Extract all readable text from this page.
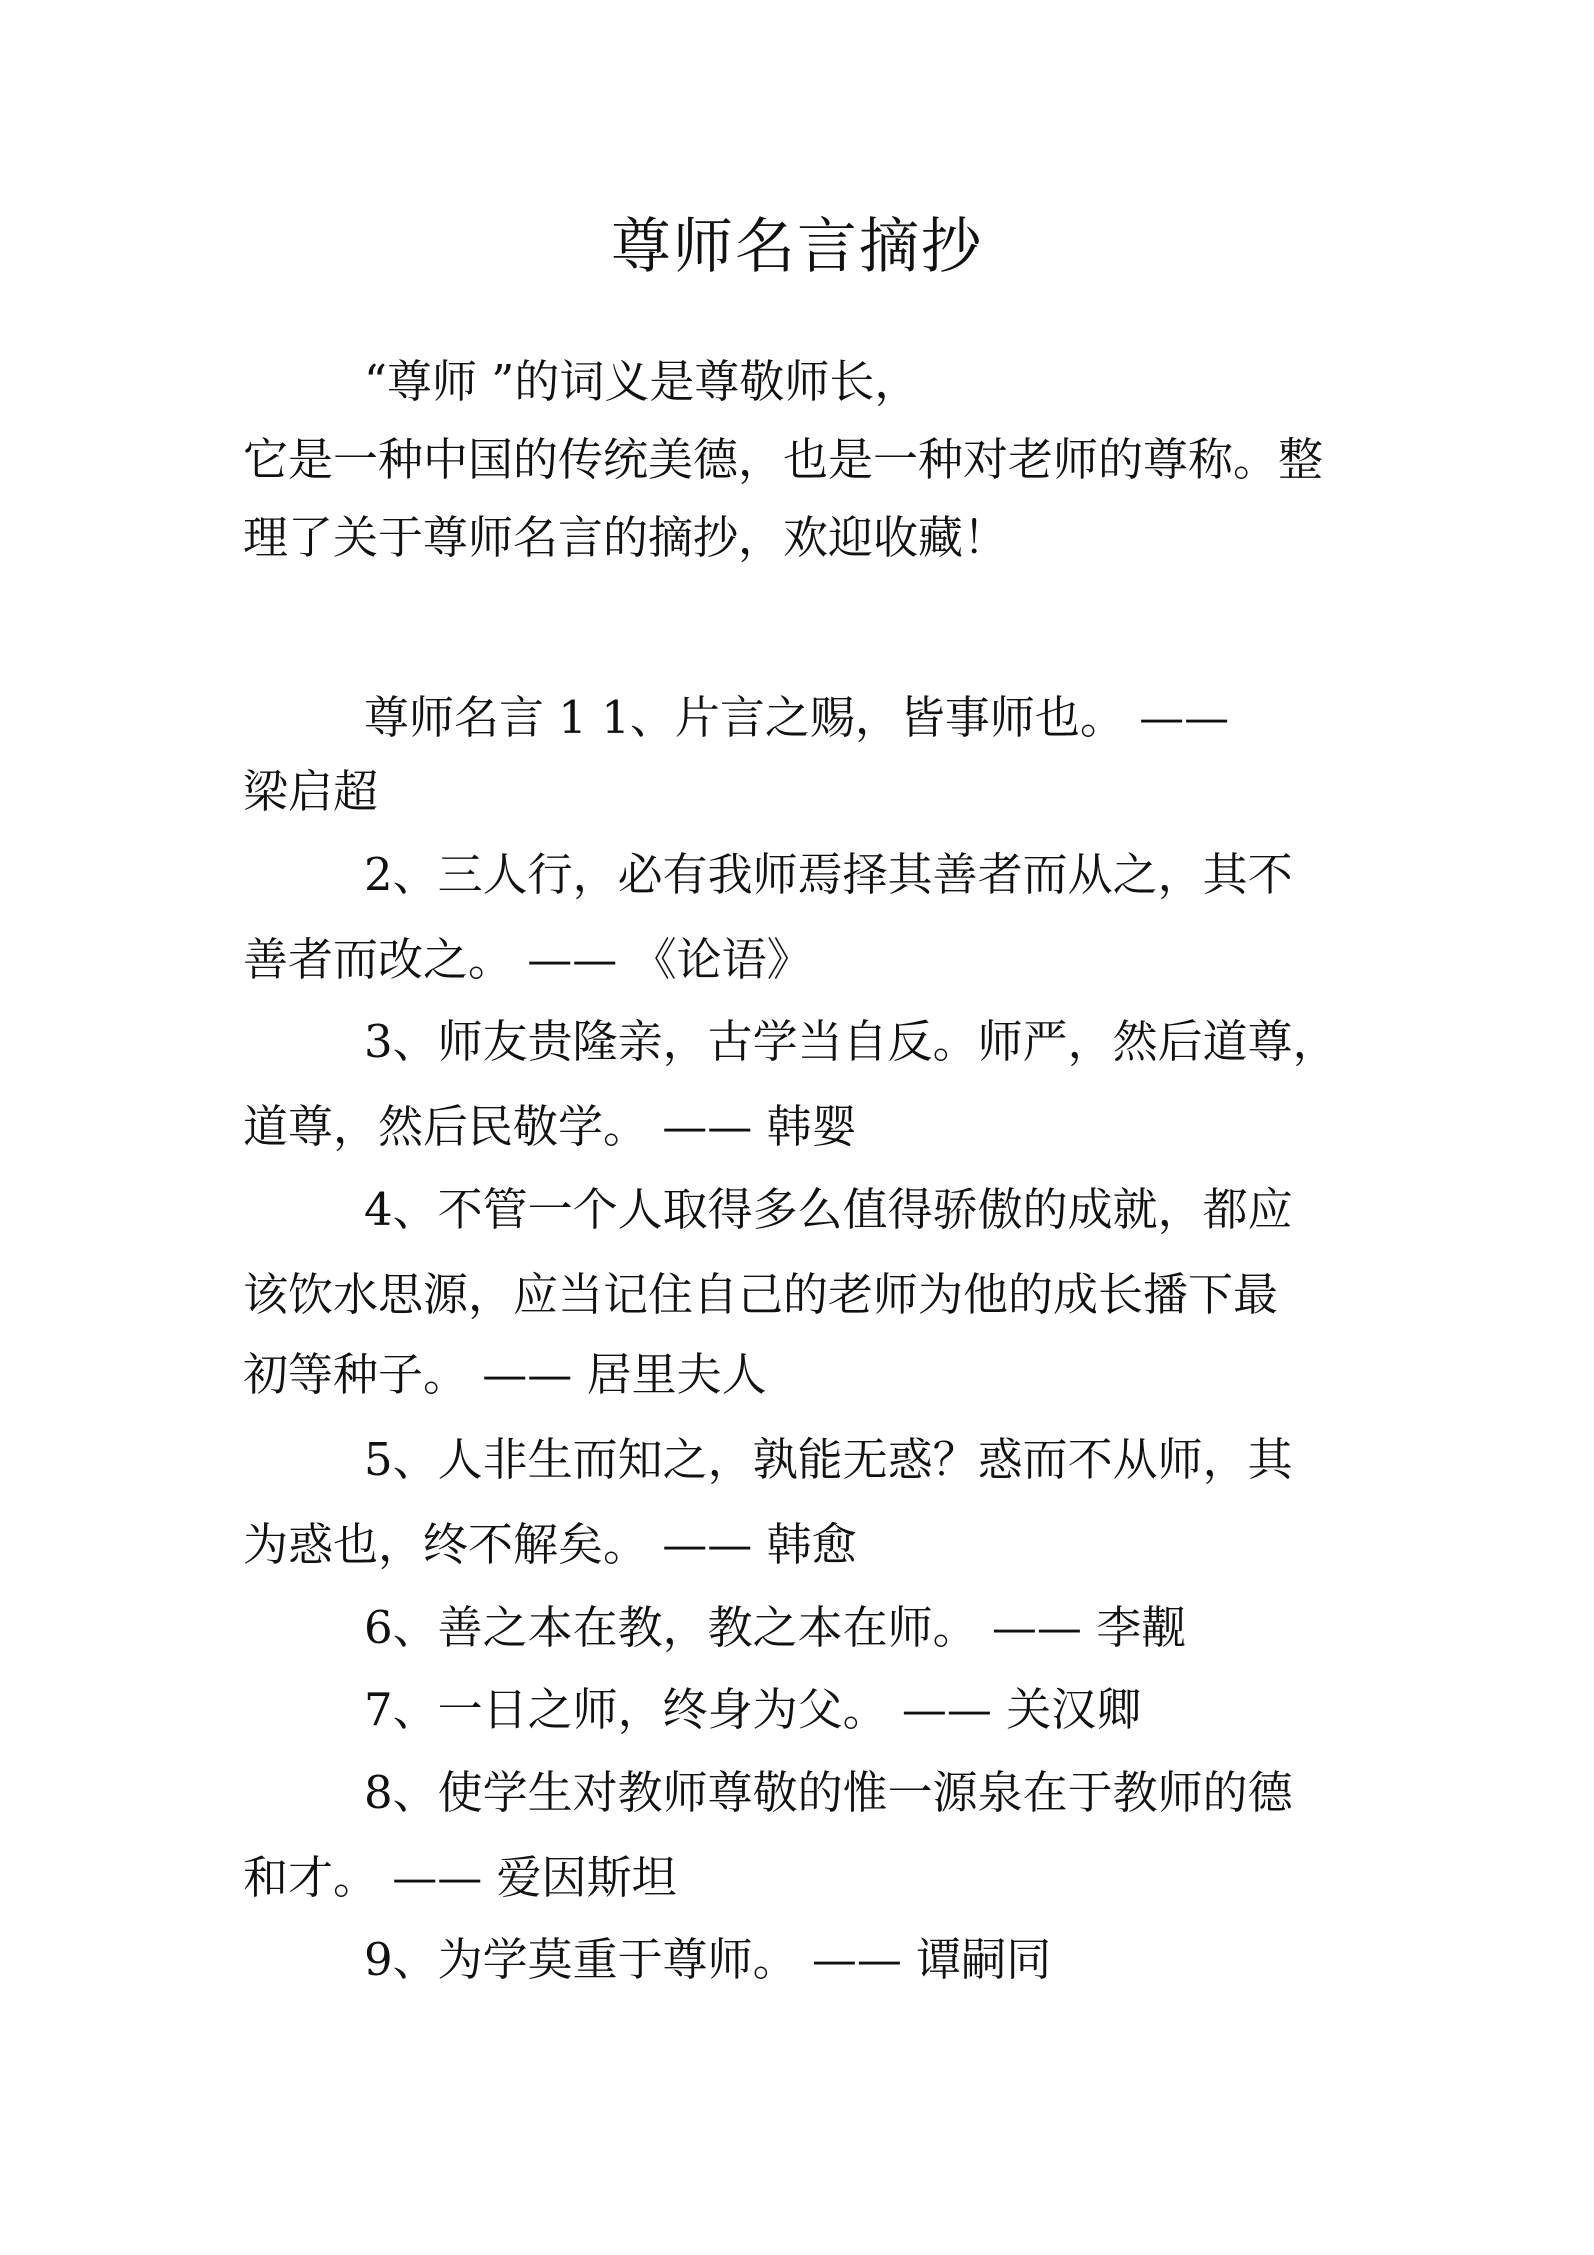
尊师名言摘抄
“尊师 ”的词义是尊敬师长，
它是一种中国的传统美德，也是一种对老师的尊称。整
理了关于尊师名言的摘抄，欢迎收藏！
尊师名言 1 1、片言之赐，皆事师也。 ——
梁启超
2、三人行，必有我师焉择其善者而从之，其不
善者而改之。 —— 《论语》
3、师友贵隆亲，古学当自反。师严，然后道尊，
道尊，然后民敬学。 —— 韩婴
4、不管一个人取得多么值得骄傲的成就，都应
该饮水思源，应当记住自己的老师为他的成长播下最
初等种子。 —— 居里夫人
5、人非生而知之，孰能无惑？惑而不从师，其
为惑也，终不解矣。 —— 韩愈
6、善之本在教，教之本在师。 —— 李觏
7、一日之师，终身为父。 —— 关汉卿
8、使学生对教师尊敬的惟一源泉在于教师的德
和才。 —— 爱因斯坦
9、为学莫重于尊师。 —— 谭嗣同
